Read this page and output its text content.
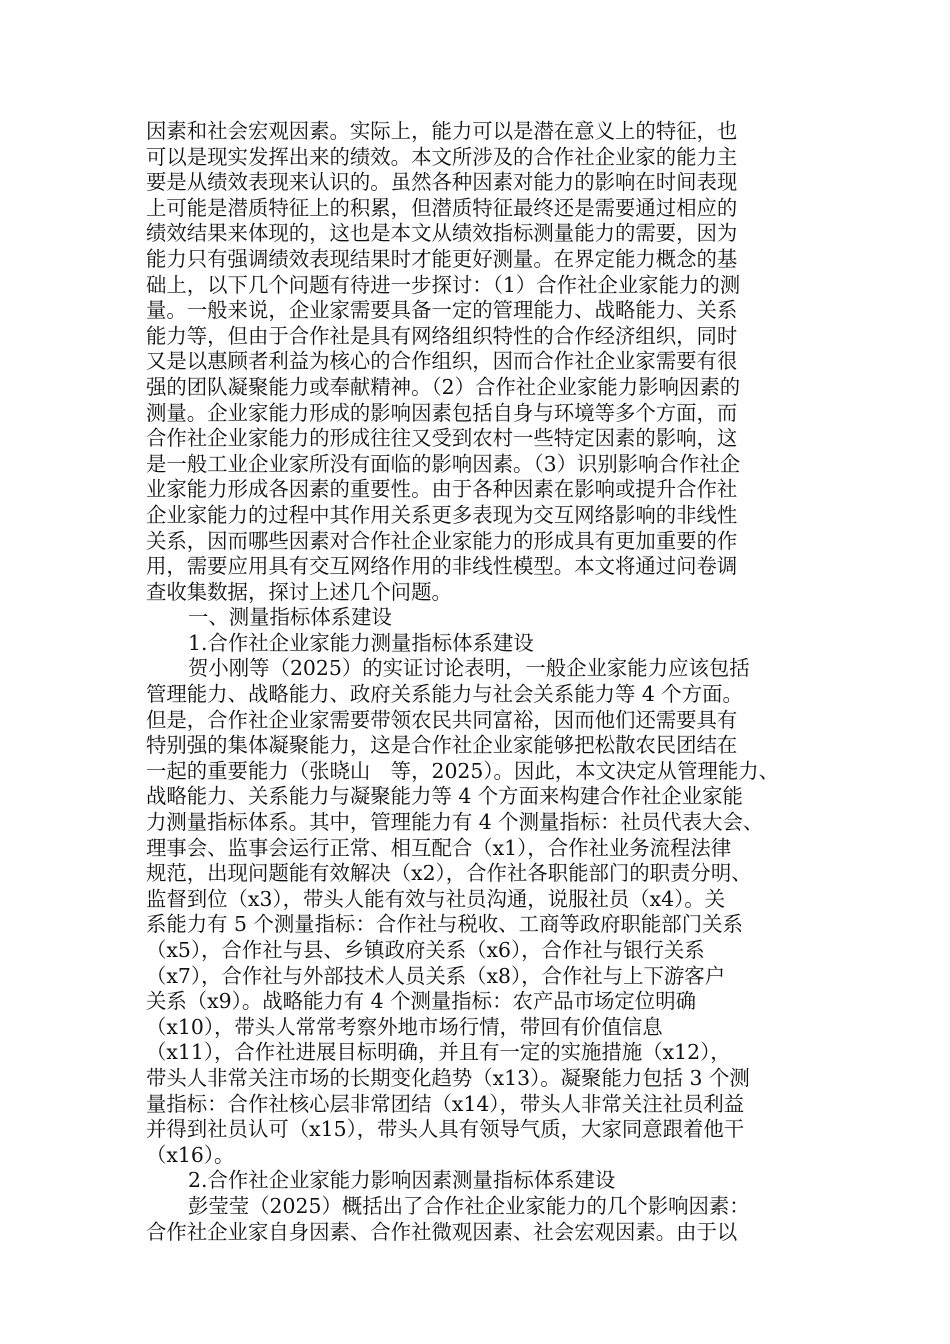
因素和社会宏观因素。实际上，能力可以是潜在意义上的特征，也
可以是现实发挥出来的绩效。本文所涉及的合作社企业家的能力主
要是从绩效表现来认识的。虽然各种因素对能力的影响在时间表现
上可能是潜质特征上的积累，但潜质特征最终还是需要通过相应的
绩效结果来体现的，这也是本文从绩效指标测量能力的需要，因为
能力只有强调绩效表现结果时才能更好测量。在界定能力概念的基
础上，以下几个问题有待进一步探讨：（1）合作社企业家能力的测
量。一般来说，企业家需要具备一定的管理能力、战略能力、关系
能力等，但由于合作社是具有网络组织特性的合作经济组织，同时
又是以惠顾者利益为核心的合作组织，因而合作社企业家需要有很
强的团队凝聚能力或奉献精神。（2）合作社企业家能力影响因素的
测量。企业家能力形成的影响因素包括自身与环境等多个方面，而
合作社企业家能力的形成往往又受到农村一些特定因素的影响，这
是一般工业企业家所没有面临的影响因素。（3）识别影响合作社企
业家能力形成各因素的重要性。由于各种因素在影响或提升合作社
企业家能力的过程中其作用关系更多表现为交互网络影响的非线性
关系，因而哪些因素对合作社企业家能力的形成具有更加重要的作
用，需要应用具有交互网络作用的非线性模型。本文将通过问卷调
查收集数据，探讨上述几个问题。
一、测量指标体系建设
1.合作社企业家能力测量指标体系建设
贺小刚等（2025）的实证讨论表明，一般企业家能力应该包括
管理能力、战略能力、政府关系能力与社会关系能力等 4 个方面。
但是，合作社企业家需要带领农民共同富裕，因而他们还需要具有
特别强的集体凝聚能力，这是合作社企业家能够把松散农民团结在
一起的重要能力（张晓山　等，2025）。因此，本文决定从管理能力、
战略能力、关系能力与凝聚能力等 4 个方面来构建合作社企业家能
力测量指标体系。其中，管理能力有 4 个测量指标：社员代表大会、
理事会、监事会运行正常、相互配合（x1），合作社业务流程法律
规范，出现问题能有效解决（x2），合作社各职能部门的职责分明、
监督到位（x3），带头人能有效与社员沟通，说服社员（x4）。关
系能力有 5 个测量指标：合作社与税收、工商等政府职能部门关系
（x5），合作社与县、乡镇政府关系（x6），合作社与银行关系
（x7），合作社与外部技术人员关系（x8），合作社与上下游客户
关系（x9）。战略能力有 4 个测量指标：农产品市场定位明确
（x10），带头人常常考察外地市场行情，带回有价值信息
（x11），合作社进展目标明确，并且有一定的实施措施（x12），
带头人非常关注市场的长期变化趋势（x13）。凝聚能力包括 3 个测
量指标：合作社核心层非常团结（x14），带头人非常关注社员利益
并得到社员认可（x15），带头人具有领导气质，大家同意跟着他干
（x16）。
2.合作社企业家能力影响因素测量指标体系建设
彭莹莹（2025）概括出了合作社企业家能力的几个影响因素：
合作社企业家自身因素、合作社微观因素、社会宏观因素。由于以
